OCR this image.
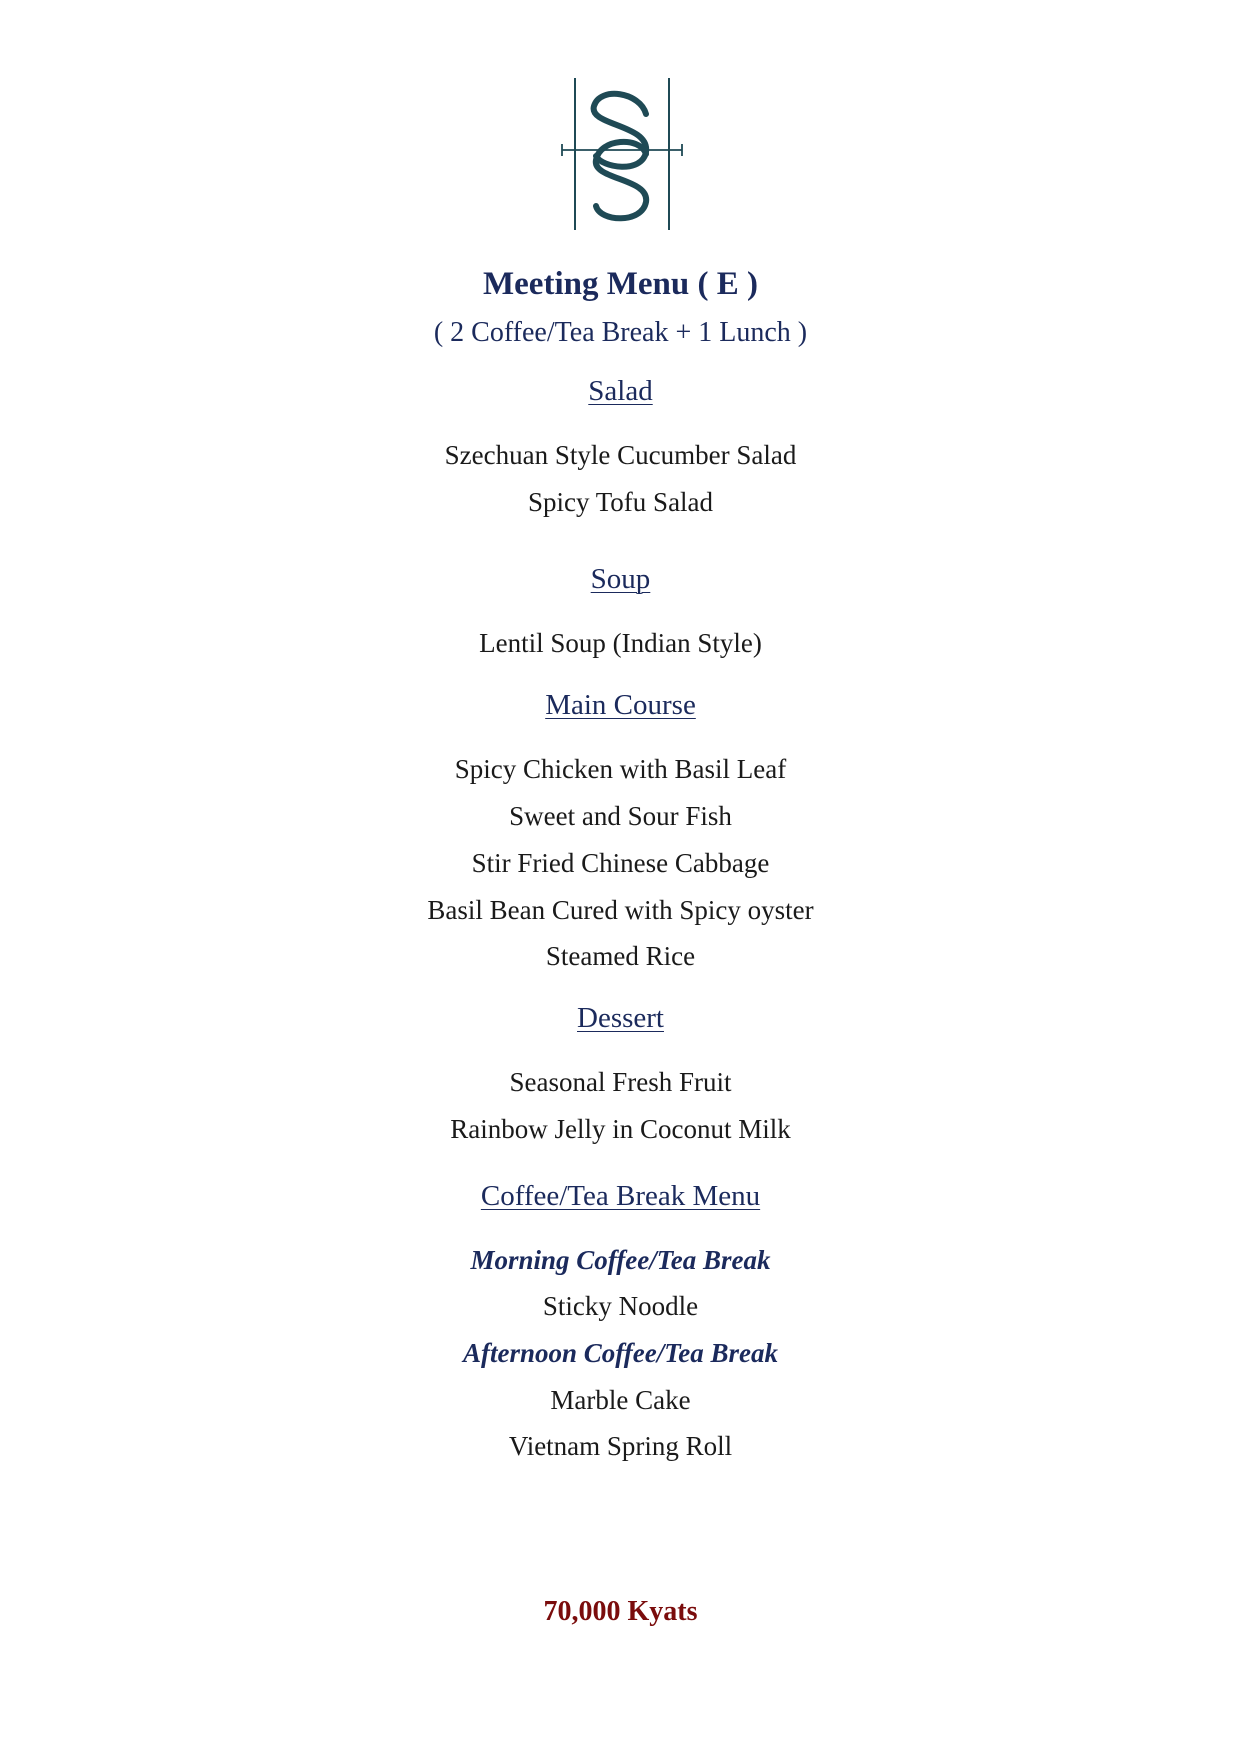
Meeting Menu ( E )
( 2 Coffee/Tea Break + 1 Lunch )
Salad
Szechuan Style Cucumber Salad
Spicy Tofu Salad
Soup
Lentil Soup (Indian Style)
Main Course
Spicy Chicken with Basil Leaf
Sweet and Sour Fish
Stir Fried Chinese Cabbage
Basil Bean Cured with Spicy oyster
Steamed Rice
Dessert
Seasonal Fresh Fruit
Rainbow Jelly in Coconut Milk
Coffee/Tea Break Menu
Morning Coffee/Tea Break
Sticky Noodle
Afternoon Coffee/Tea Break
Marble Cake
Vietnam Spring Roll
70,000 Kyats
